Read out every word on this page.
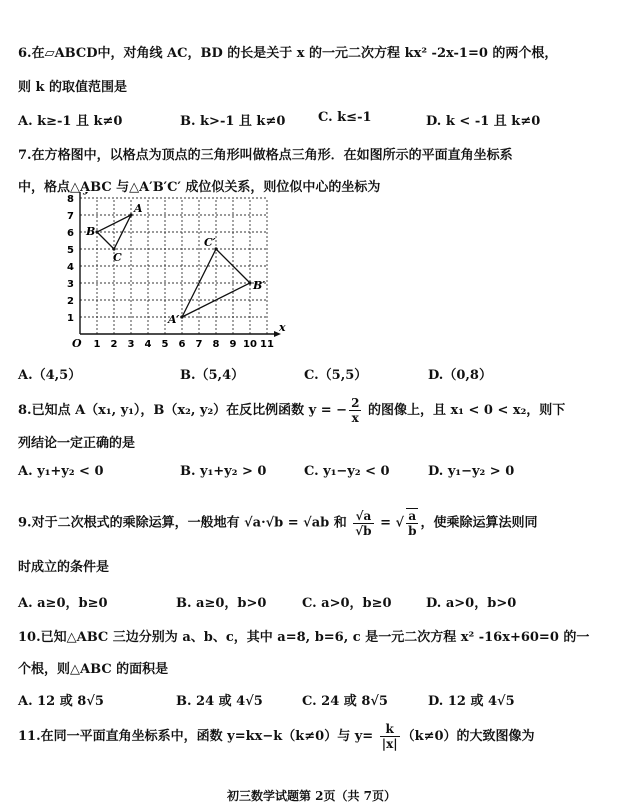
6.在▱ABCD中，对角线 AC，BD 的长是关于 x 的一元二次方程 kx² -2x-1=0 的两个根，
则 k 的取值范围是
A. k≥-1 且 k≠0	B. k>-1 且 k≠0	C. k≤-1	D. k < -1 且 k≠0
7.在方格图中，以格点为顶点的三角形叫做格点三角形．在如图所示的平面直角坐标系
中，格点△ABC 与△A′B′C′ 成位似关系，则位似中心的坐标为
1 2 3 4 5 6 7 8 9 10 11
1
2
3
4
5
6
7
8
O
x
A
B
C
A′
B′
C′
A.（4,5）	B.（5,4）	C.（5,5）	D.（0,8）
8.已知点 A（x₁, y₁），B（x₂, y₂）在反比例函数 y = − $\frac{2}{x}$ 的图像上，且 x₁ < 0 < x₂，则下
列结论一定正确的是
A. y₁+y₂ < 0	B. y₁+y₂ > 0	C. y₁−y₂ < 0	D. y₁−y₂ > 0
9.对于二次根式的乘除运算，一般地有 √a·√b = √ab 和 $\frac{√a}{√b}$ = √ $\frac{a}{b}$ ，使乘除运算法则同
时成立的条件是
A. a≥0，b≥0	B. a≥0，b>0	C. a>0，b≥0	D. a>0，b>0
10.已知△ABC 三边分别为 a、b、c，其中 a=8, b=6, c 是一元二次方程 x² -16x+60=0 的一
个根，则△ABC 的面积是
A. 12 或 8√5	B. 24 或 4√5	C. 24 或 8√5	D. 12 或 4√5
11.在同一平面直角坐标系中，函数 y=kx−k（k≠0）与 $y= \frac{k}{|x|} (k\ne 0)$的大致图像为
初三数学试题第 2页（共 7页）
